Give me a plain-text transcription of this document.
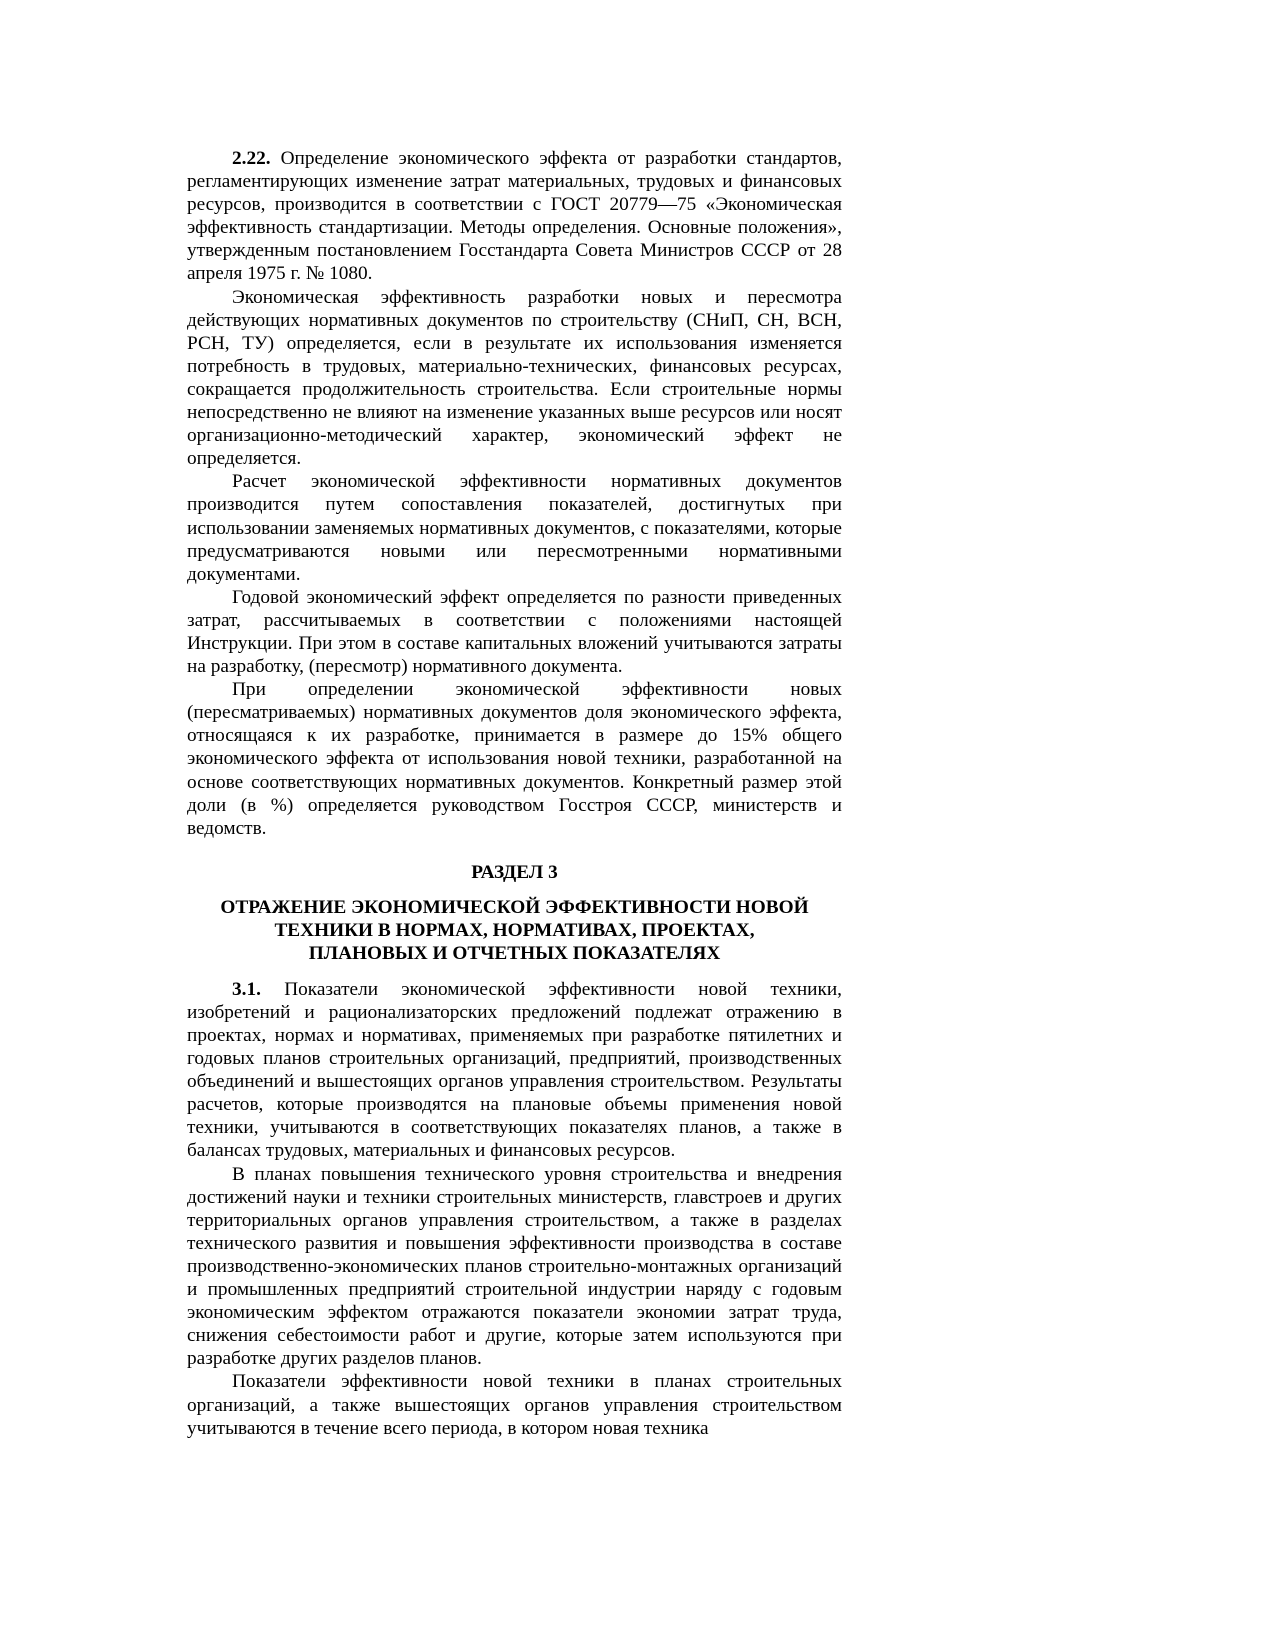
2.22. Определение экономического эффекта от разработки стандартов, регламентирующих изменение затрат материальных, трудовых и финансовых ресурсов, производится в соответствии с ГОСТ 20779—75 «Экономическая эффективность стандартизации. Методы определения. Основные положения», утвержденным постановлением Госстандарта Совета Министров СССР от 28 апреля 1975 г. № 1080.

Экономическая эффективность разработки новых и пересмотра действующих нормативных документов по строительству (СНиП, СН, ВСН, РСН, ТУ) определяется, если в результате их использования изменяется потребность в трудовых, материально-технических, финансовых ресурсах, сокращается продолжительность строительства. Если строительные нормы непосредственно не влияют на изменение указанных выше ресурсов или носят организационно-методический характер, экономический эффект не определяется.

Расчет экономической эффективности нормативных документов производится путем сопоставления показателей, достигнутых при использовании заменяемых нормативных документов, с показателями, которые предусматриваются новыми или пересмотренными нормативными документами.

Годовой экономический эффект определяется по разности приведенных затрат, рассчитываемых в соответствии с положениями настоящей Инструкции. При этом в составе капитальных вложений учитываются затраты на разработку, (пересмотр) нормативного документа.

При определении экономической эффективности новых (пересматриваемых) нормативных документов доля экономического эффекта, относящаяся к их разработке, принимается в размере до 15% общего экономического эффекта от использования новой техники, разработанной на основе соответствующих нормативных документов. Конкретный размер этой доли (в %) определяется руководством Госстроя СССР, министерств и ведомств.

РАЗДЕЛ 3
ОТРАЖЕНИЕ ЭКОНОМИЧЕСКОЙ ЭФФЕКТИВНОСТИ НОВОЙ
ТЕХНИКИ В НОРМАХ, НОРМАТИВАХ, ПРОЕКТАХ,
ПЛАНОВЫХ И ОТЧЕТНЫХ ПОКАЗАТЕЛЯХ

3.1. Показатели экономической эффективности новой техники, изобретений и рационализаторских предложений подлежат отражению в проектах, нормах и нормативах, применяемых при разработке пятилетних и годовых планов строительных организаций, предприятий, производственных объединений и вышестоящих органов управления строительством. Результаты расчетов, которые производятся на плановые объемы применения новой техники, учитываются в соответствующих показателях планов, а также в балансах трудовых, материальных и финансовых ресурсов.

В планах повышения технического уровня строительства и внедрения достижений науки и техники строительных министерств, главстроев и других территориальных органов управления строительством, а также в разделах технического развития и повышения эффективности производства в составе производственно-экономических планов строительно-монтажных организаций и промышленных предприятий строительной индустрии наряду с годовым экономическим эффектом отражаются показатели экономии затрат труда, снижения себестоимости работ и другие, которые затем используются при разработке других разделов планов.

Показатели эффективности новой техники в планах строительных организаций, а также вышестоящих органов управления строительством учитываются в течение всего периода, в котором новая техника
